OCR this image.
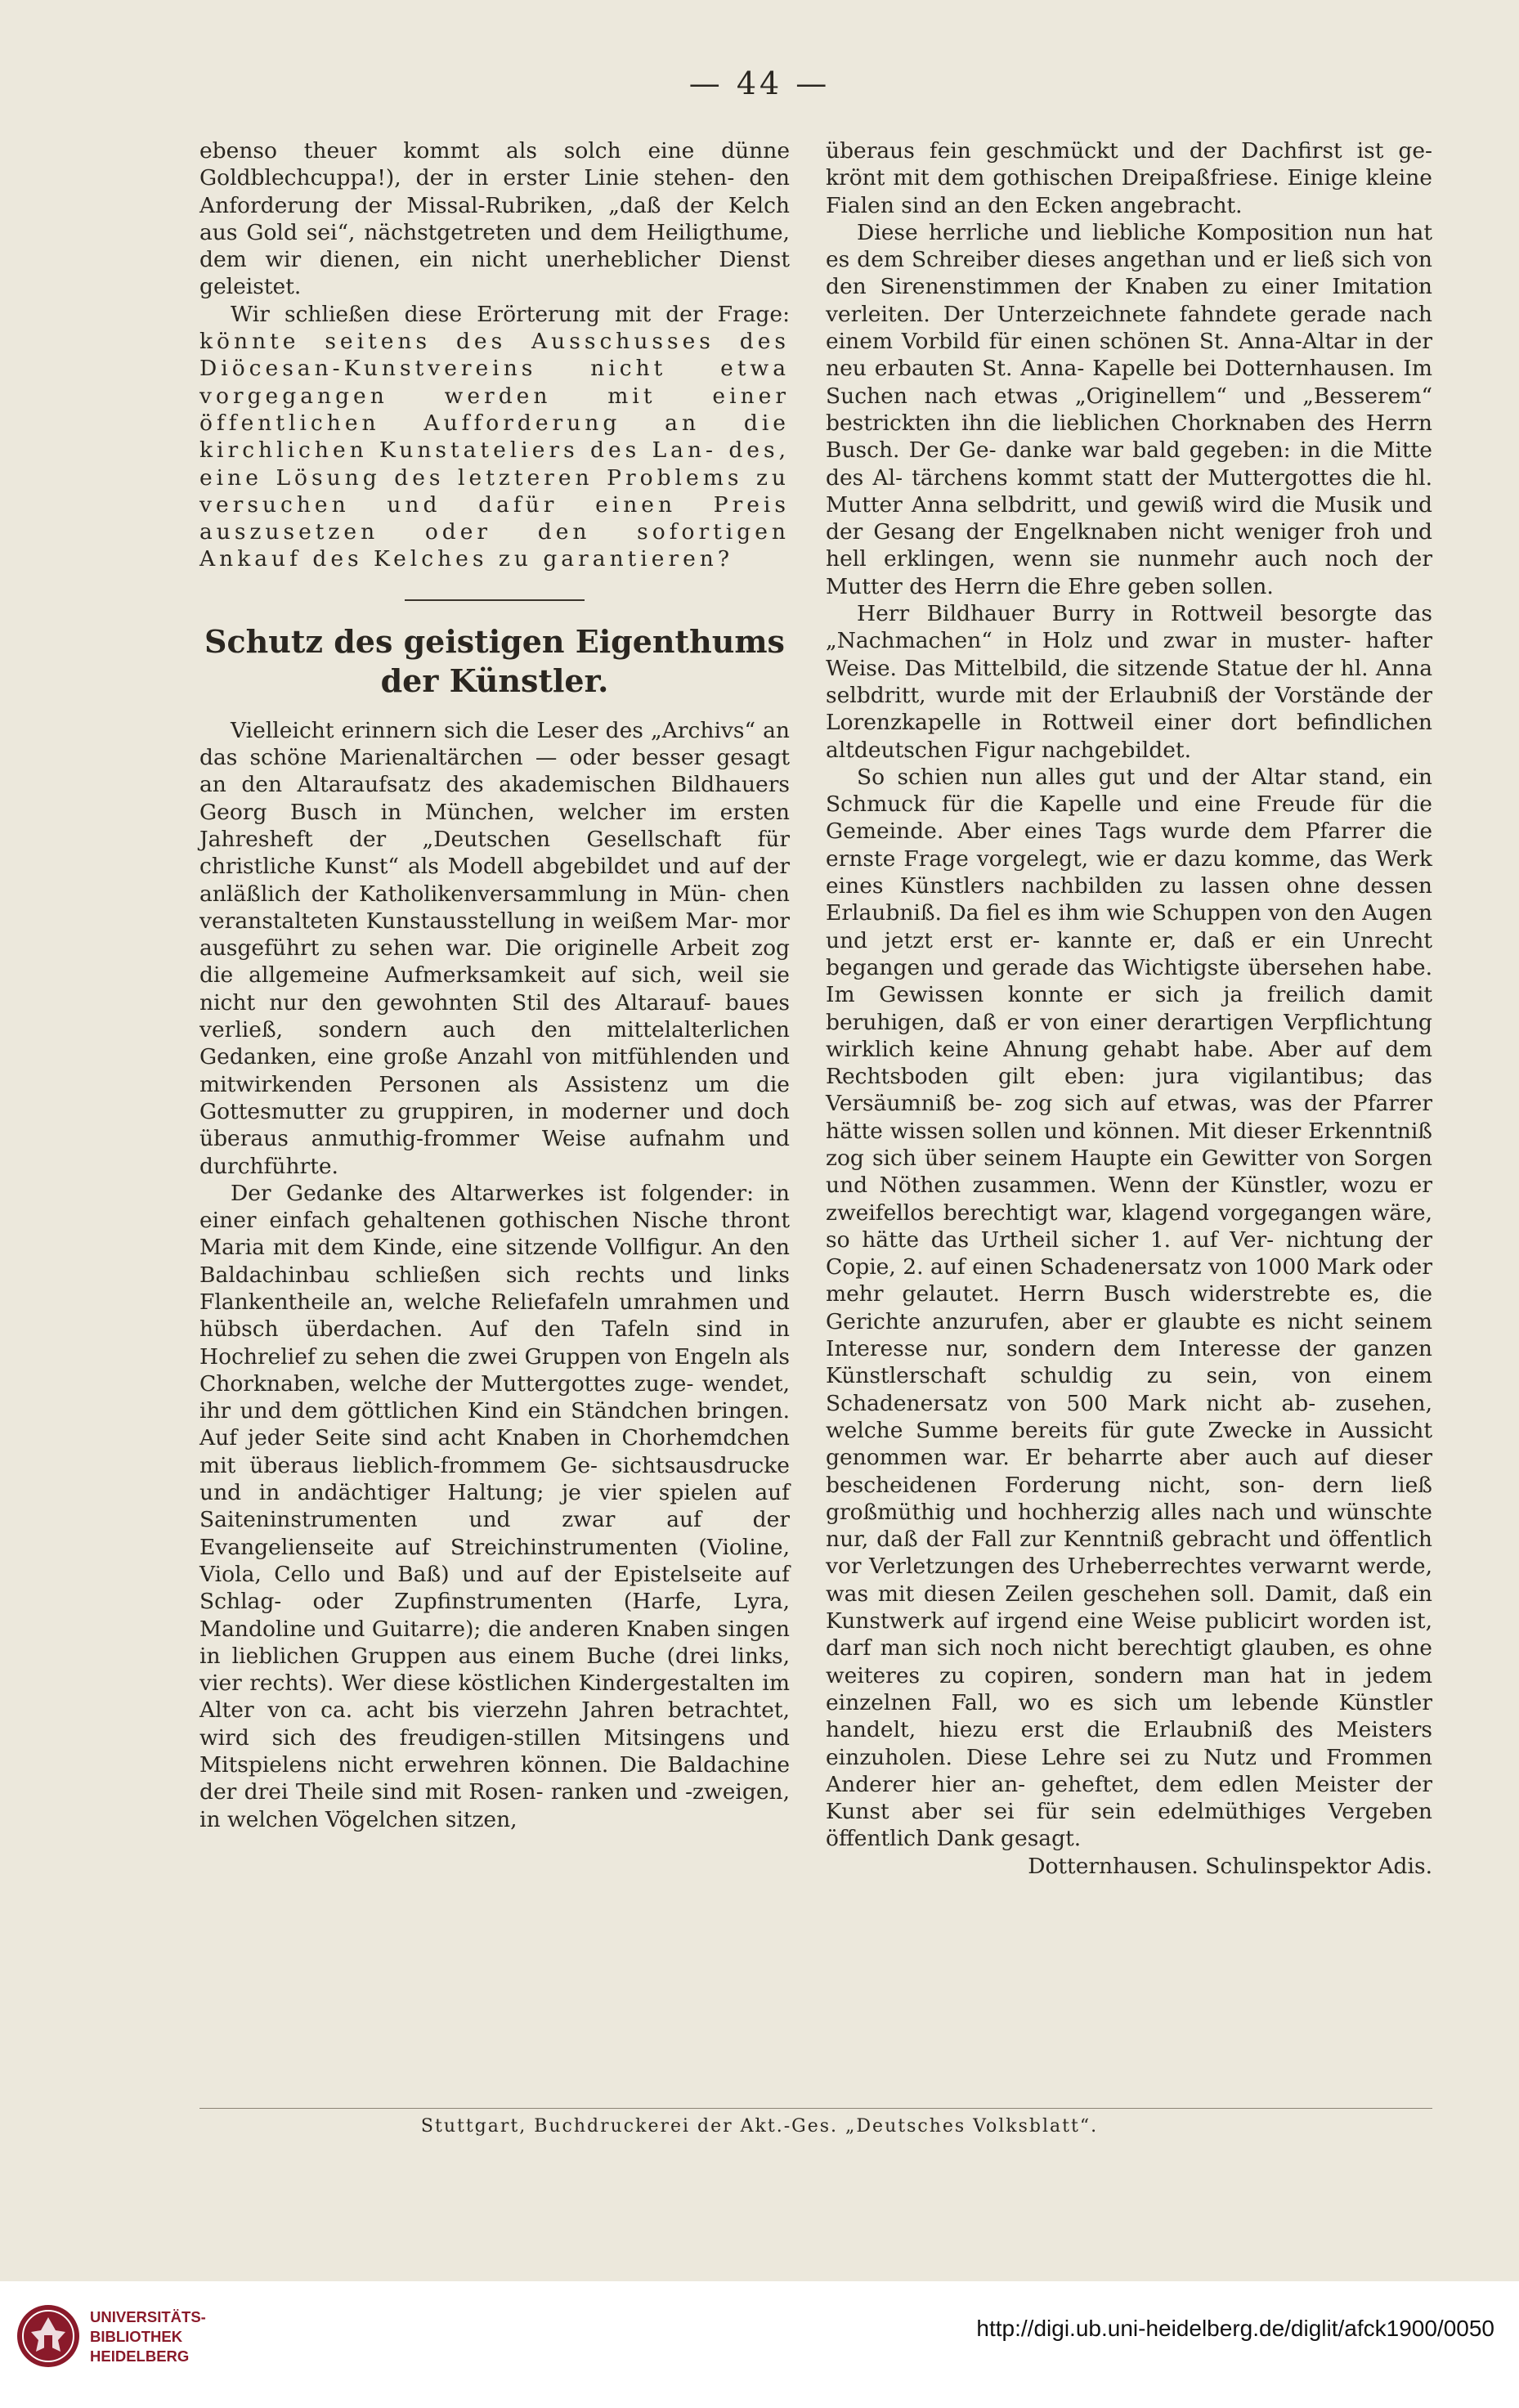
— 44 —

ebenso theuer kommt als solch eine dünne Goldblechcuppa!), der in erster Linie stehen- den Anforderung der Missal-Rubriken, „daß der Kelch aus Gold sei“, nächstgetreten und dem Heiligthume, dem wir dienen, ein nicht unerheblicher Dienst geleistet.

Wir schließen diese Erörterung mit der Frage: könnte seitens des Ausschusses des Diöcesan-Kunstvereins nicht etwa vorgegangen werden mit einer öffentlichen Aufforderung an die kirchlichen Kunstateliers des Lan- des, eine Lösung des letzteren Problems zu versuchen und dafür einen Preis auszusetzen oder den sofortigen Ankauf des Kelches zu garantieren?

Schutz des geistigen Eigenthums der Künstler.

Vielleicht erinnern sich die Leser des „Archivs“ an das schöne Marienaltärchen — oder besser gesagt an den Altaraufsatz des akademischen Bildhauers Georg Busch in München, welcher im ersten Jahresheft der „Deutschen Gesellschaft für christliche Kunst“ als Modell abgebildet und auf der anläßlich der Katholikenversammlung in Mün- chen veranstalteten Kunstausstellung in weißem Mar- mor ausgeführt zu sehen war. Die originelle Arbeit zog die allgemeine Aufmerksamkeit auf sich, weil sie nicht nur den gewohnten Stil des Altarauf- baues verließ, sondern auch den mittelalterlichen Gedanken, eine große Anzahl von mitfühlenden und mitwirkenden Personen als Assistenz um die Gottesmutter zu gruppiren, in moderner und doch überaus anmuthig-frommer Weise aufnahm und durchführte.

Der Gedanke des Altarwerkes ist folgender: in einer einfach gehaltenen gothischen Nische thront Maria mit dem Kinde, eine sitzende Vollfigur. An den Baldachinbau schließen sich rechts und links Flankentheile an, welche Reliefafeln umrahmen und hübsch überdachen. Auf den Tafeln sind in Hochrelief zu sehen die zwei Gruppen von Engeln als Chorknaben, welche der Muttergottes zuge- wendet, ihr und dem göttlichen Kind ein Ständchen bringen. Auf jeder Seite sind acht Knaben in Chorhemdchen mit überaus lieblich-frommem Ge- sichtsausdrucke und in andächtiger Haltung; je vier spielen auf Saiteninstrumenten und zwar auf der Evangelienseite auf Streichinstrumenten (Violine, Viola, Cello und Baß) und auf der Epistelseite auf Schlag- oder Zupfinstrumenten (Harfe, Lyra, Mandoline und Guitarre); die anderen Knaben singen in lieblichen Gruppen aus einem Buche (drei links, vier rechts). Wer diese köstlichen Kindergestalten im Alter von ca. acht bis vierzehn Jahren betrachtet, wird sich des freudigen-stillen Mitsingens und Mitspielens nicht erwehren können. Die Baldachine der drei Theile sind mit Rosen- ranken und -zweigen, in welchen Vögelchen sitzen,

überaus fein geschmückt und der Dachfirst ist ge- krönt mit dem gothischen Dreipaßfriese. Einige kleine Fialen sind an den Ecken angebracht.

Diese herrliche und liebliche Komposition nun hat es dem Schreiber dieses angethan und er ließ sich von den Sirenenstimmen der Knaben zu einer Imitation verleiten. Der Unterzeichnete fahndete gerade nach einem Vorbild für einen schönen St. Anna-Altar in der neu erbauten St. Anna- Kapelle bei Dotternhausen. Im Suchen nach etwas „Originellem“ und „Besserem“ bestrickten ihn die lieblichen Chorknaben des Herrn Busch. Der Ge- danke war bald gegeben: in die Mitte des Al- tärchens kommt statt der Muttergottes die hl. Mutter Anna selbdritt, und gewiß wird die Musik und der Gesang der Engelknaben nicht weniger froh und hell erklingen, wenn sie nunmehr auch noch der Mutter des Herrn die Ehre geben sollen.

Herr Bildhauer Burry in Rottweil besorgte das „Nachmachen“ in Holz und zwar in muster- hafter Weise. Das Mittelbild, die sitzende Statue der hl. Anna selbdritt, wurde mit der Erlaubniß der Vorstände der Lorenzkapelle in Rottweil einer dort befindlichen altdeutschen Figur nachgebildet.

So schien nun alles gut und der Altar stand, ein Schmuck für die Kapelle und eine Freude für die Gemeinde. Aber eines Tags wurde dem Pfarrer die ernste Frage vorgelegt, wie er dazu komme, das Werk eines Künstlers nachbilden zu lassen ohne dessen Erlaubniß. Da fiel es ihm wie Schuppen von den Augen und jetzt erst er- kannte er, daß er ein Unrecht begangen und gerade das Wichtigste übersehen habe. Im Gewissen konnte er sich ja freilich damit beruhigen, daß er von einer derartigen Verpflichtung wirklich keine Ahnung gehabt habe. Aber auf dem Rechtsboden gilt eben: jura vigilantibus; das Versäumniß be- zog sich auf etwas, was der Pfarrer hätte wissen sollen und können. Mit dieser Erkenntniß zog sich über seinem Haupte ein Gewitter von Sorgen und Nöthen zusammen. Wenn der Künstler, wozu er zweifellos berechtigt war, klagend vorgegangen wäre, so hätte das Urtheil sicher 1. auf Ver- nichtung der Copie, 2. auf einen Schadenersatz von 1000 Mark oder mehr gelautet. Herrn Busch widerstrebte es, die Gerichte anzurufen, aber er glaubte es nicht seinem Interesse nur, sondern dem Interesse der ganzen Künstlerschaft schuldig zu sein, von einem Schadenersatz von 500 Mark nicht ab- zusehen, welche Summe bereits für gute Zwecke in Aussicht genommen war. Er beharrte aber auch auf dieser bescheidenen Forderung nicht, son- dern ließ großmüthig und hochherzig alles nach und wünschte nur, daß der Fall zur Kenntniß gebracht und öffentlich vor Verletzungen des Urheberrechtes verwarnt werde, was mit diesen Zeilen geschehen soll. Damit, daß ein Kunstwerk auf irgend eine Weise publicirt worden ist, darf man sich noch nicht berechtigt glauben, es ohne weiteres zu copiren, sondern man hat in jedem einzelnen Fall, wo es sich um lebende Künstler handelt, hiezu erst die Erlaubniß des Meisters einzuholen. Diese Lehre sei zu Nutz und Frommen Anderer hier an- geheftet, dem edlen Meister der Kunst aber sei für sein edelmüthiges Vergeben öffentlich Dank gesagt.

Dotternhausen. Schulinspektor Adis.

Stuttgart, Buchdruckerei der Akt.-Ges. „Deutsches Volksblatt“.
UNIVERSITÄTS-
BIBLIOTHEK
HEIDELBERG
http://digi.ub.uni-heidelberg.de/diglit/afck1900/0050
